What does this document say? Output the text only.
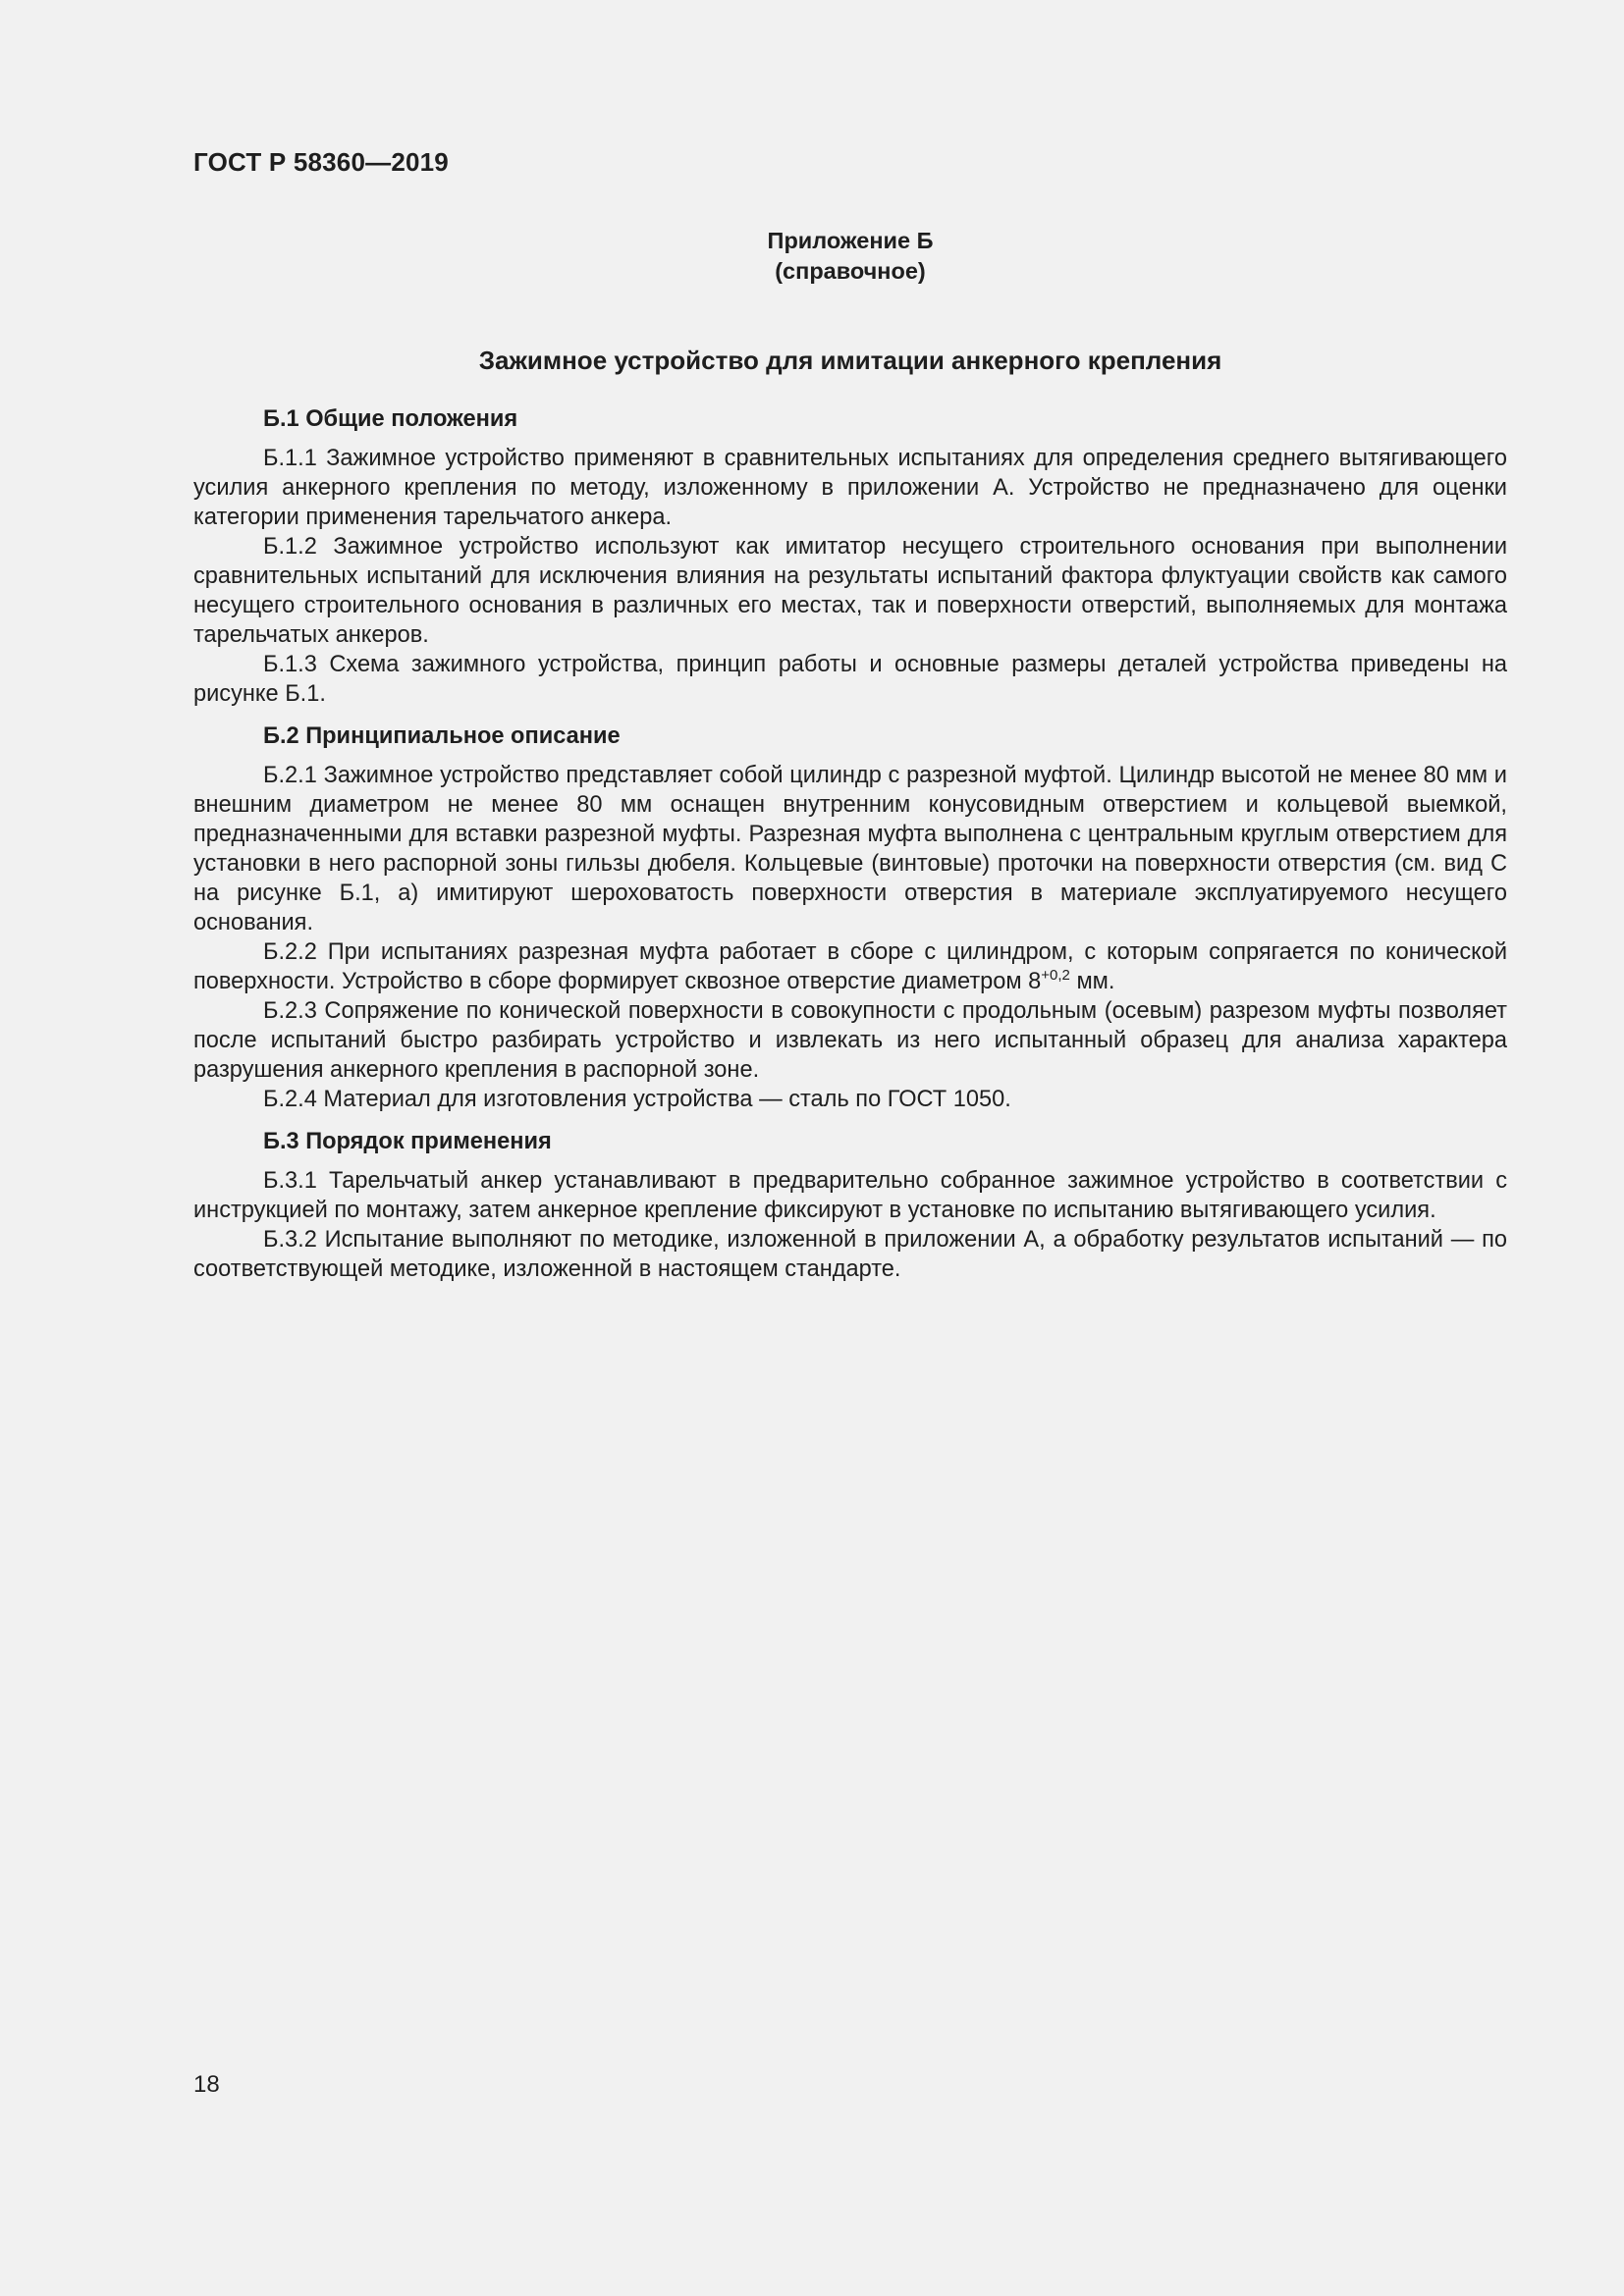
ГОСТ Р 58360—2019
Приложение Б
(справочное)
Зажимное устройство для имитации анкерного крепления
Б.1 Общие положения

Б.1.1 Зажимное устройство применяют в сравнительных испытаниях для определения среднего вытягивающего усилия анкерного крепления по методу, изложенному в приложении А. Устройство не предназначено для оценки категории применения тарельчатого анкера.

Б.1.2 Зажимное устройство используют как имитатор несущего строительного основания при выполнении сравнительных испытаний для исключения влияния на результаты испытаний фактора флуктуации свойств как самого несущего строительного основания в различных его местах, так и поверхности отверстий, выполняемых для монтажа тарельчатых анкеров.

Б.1.3 Схема зажимного устройства, принцип работы и основные размеры деталей устройства приведены на рисунке Б.1.

Б.2 Принципиальное описание

Б.2.1 Зажимное устройство представляет собой цилиндр с разрезной муфтой. Цилиндр высотой не менее 80 мм и внешним диаметром не менее 80 мм оснащен внутренним конусовидным отверстием и кольцевой выемкой, предназначенными для вставки разрезной муфты. Разрезная муфта выполнена с центральным круглым отверстием для установки в него распорной зоны гильзы дюбеля. Кольцевые (винтовые) проточки на поверхности отверстия (см. вид С на рисунке Б.1, а) имитируют шероховатость поверхности отверстия в материале эксплуатируемого несущего основания.

Б.2.2 При испытаниях разрезная муфта работает в сборе с цилиндром, с которым сопрягается по конической поверхности. Устройство в сборе формирует сквозное отверстие диаметром $8^{+0,2}$ мм.

Б.2.3 Сопряжение по конической поверхности в совокупности с продольным (осевым) разрезом муфты позволяет после испытаний быстро разбирать устройство и извлекать из него испытанный образец для анализа характера разрушения анкерного крепления в распорной зоне.

Б.2.4 Материал для изготовления устройства — сталь по ГОСТ 1050.

Б.3 Порядок применения

Б.3.1 Тарельчатый анкер устанавливают в предварительно собранное зажимное устройство в соответствии с инструкцией по монтажу, затем анкерное крепление фиксируют в установке по испытанию вытягивающего усилия.

Б.3.2 Испытание выполняют по методике, изложенной в приложении А, а обработку результатов испытаний — по соответствующей методике, изложенной в настоящем стандарте.

18
